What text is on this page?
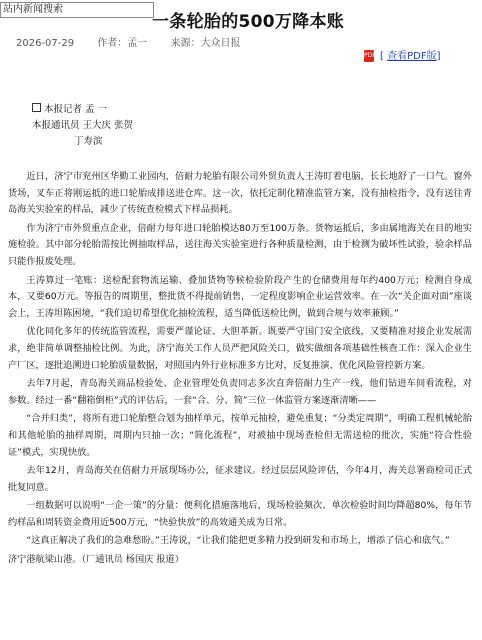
站内新闻搜索
一条轮胎的500万降本账
2026-07-29 作者：孟一 来源：大众日报
PDF [ 查看PDF版]
本报记者 孟 一
本报通讯员 王大庆 张贺
丁寿滨

近日，济宁市兖州区华勤工业园内，倍耐力轮胎有限公司外贸负责人王涛盯着电脑，长长地舒了一口气。窗外货场，叉车正将刚运抵的进口轮胎成排送进仓库。这一次，依托定制化精准监管方案，没有抽检指令，没有送往青岛海关实验室的样品，减少了传统查检模式下样品损耗。

作为济宁市外贸重点企业，倍耐力每年进口轮胎模达80万至100万条。货物运抵后，多由属地海关在目的地实施检验。其中部分轮胎需按比例抽取样品，送往海关实验室进行各种质量检测，由于检测为破坏性试验，验余样品只能作报废处理。

王涛算过一笔账：送检配套物流运输、叠加货物等候检验阶段产生的仓储费用每年约400万元；检测自身成本，又要60万元。等报告的周期里，整批货不得提前销售，一定程度影响企业运营效率。在一次“关企面对面”座谈会上，王涛坦陈困境，“我们迫切希望优化抽检流程，适当降低送检比例，做到合规与效率兼顾。”

优化同化多年的传统监管流程，需要严谨论证、大胆革新。既要严守国门安全底线，又要精准对接企业发展需求，绝非简单调整抽检比例。为此，济宁海关工作人员严把风险关口，做实做细各项基础性核查工作：深入企业生产厂区，逐批追溯进口轮胎质量数据，对照国内外行业标准多方比对，反复推演、优化风险管控新方案。

去年7月起，青岛海关商品检验处、企业管理处负责同志多次直奔倍耐力生产一线，他们钻进车间看流程，对参数。经过一番“翻箱倒柜”式的评估后，一套“合、分、简”三位一体监管方案逐渐清晰——

“合并归类”，将所有进口轮胎整合划为抽样单元，按单元抽检，避免重复；“分类定周期”，明确工程机械轮胎和其他轮胎的抽样周期，周期内只抽一次；“简化流程”，对被抽中现场查检但无需送检的批次，实施“符合性验证”模式，实现快放。

去年12月，青岛海关在倍耐力开展现场办公，征求建议。经过层层风险评估，今年4月，海关总署商检司正式批复同意。

一组数据可以说明“一企一策”的分量：便利化措施落地后，现场检验频次、单次检验时间均降超80%，每年节约样品和周转资金费用近500万元，“快验快放”的高效通关成为日常。

“这真正解决了我们的急难愁盼。”王涛说，“让我们能把更多精力投到研发和市场上，增添了信心和底气。”

济宁港航梁山港。（厂通讯员 杨国庆 报道）
